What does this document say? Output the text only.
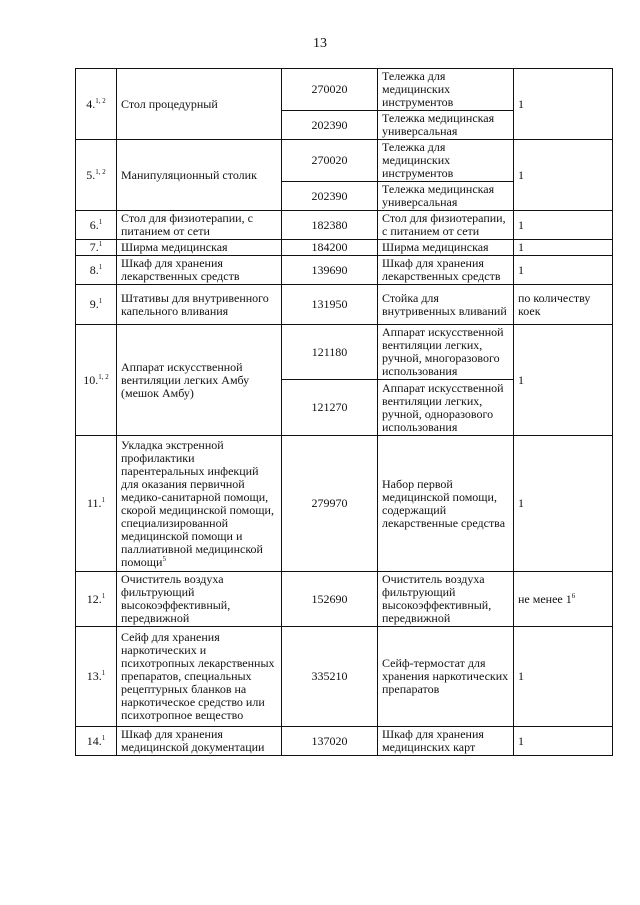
13
4.$^{1, 2}$	Стол процедурный	270020	Тележка для медицинских инструментов	1
		202390	Тележка медицинская универсальная	
5.$^{1, 2}$	Манипуляционный столик	270020	Тележка для медицинских инструментов	1
		202390	Тележка медицинская универсальная	
6.$^1$	Стол для физиотерапии, с питанием от сети	182380	Стол для физиотерапии, с питанием от сети	1
7.$^1$	Ширма медицинская	184200	Ширма медицинская	1
8.$^1$	Шкаф для хранения лекарственных средств	139690	Шкаф для хранения лекарственных средств	1
9.$^1$	Штативы для внутривенного капельного вливания	131950	Стойка для внутривенных вливаний	по количеству коек
10.$^{1, 2}$	Аппарат искусственной вентиляции легких Амбу (мешок Амбу)	121180	Аппарат искусственной вентиляции легких, ручной, многоразового использования	1
		121270	Аппарат искусственной вентиляции легких, ручной, одноразового использования	
11.$^1$	Укладка экстренной профилактики парентеральных инфекций для оказания первичной медико-санитарной помощи, скорой медицинской помощи, специализированной медицинской помощи и паллиативной медицинской помощи$^5$	279970	Набор первой медицинской помощи, содержащий лекарственные средства	1
12.$^1$	Очиститель воздуха фильтрующий высокоэффективный, передвижной	152690	Очиститель воздуха фильтрующий высокоэффективный, передвижной	не менее $1^6$
13.$^1$	Сейф для хранения наркотических и психотропных лекарственных препаратов, специальных рецептурных бланков на наркотическое средство или психотропное вещество	335210	Сейф-термостат для хранения наркотических препаратов	1
14.$^1$	Шкаф для хранения медицинской документации	137020	Шкаф для хранения медицинских карт	1
